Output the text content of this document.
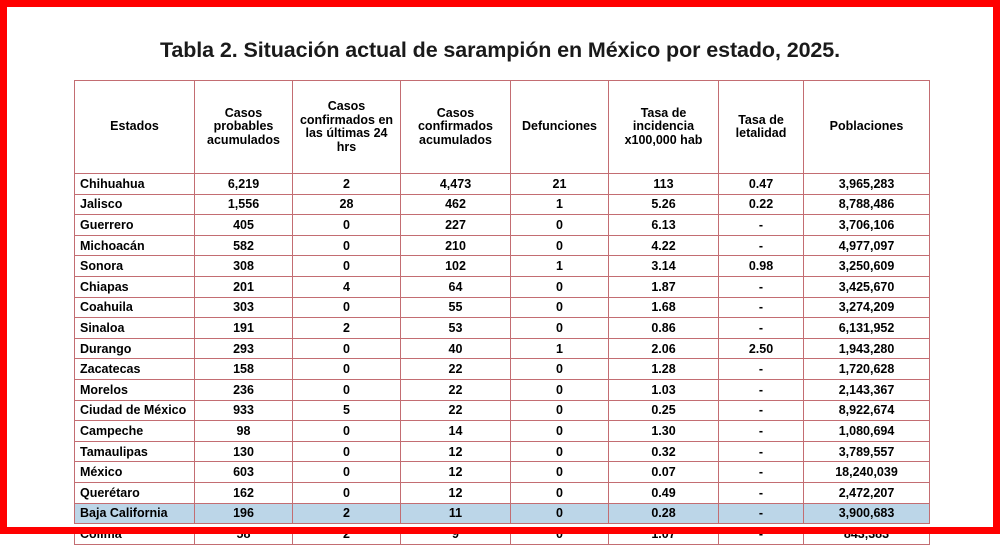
Tabla 2. Situación actual de sarampión en México por estado, 2025.
Estados	Casos probables acumulados	Casos confirmados en las últimas 24 hrs	Casos confirmados acumulados	Defunciones	Tasa de incidencia x100,000 hab	Tasa de letalidad	Poblaciones
Chihuahua	6,219	2	4,473	21	113	0.47	3,965,283
Jalisco	1,556	28	462	1	5.26	0.22	8,788,486
Guerrero	405	0	227	0	6.13	-	3,706,106
Michoacán	582	0	210	0	4.22	-	4,977,097
Sonora	308	0	102	1	3.14	0.98	3,250,609
Chiapas	201	4	64	0	1.87	-	3,425,670
Coahuila	303	0	55	0	1.68	-	3,274,209
Sinaloa	191	2	53	0	0.86	-	6,131,952
Durango	293	0	40	1	2.06	2.50	1,943,280
Zacatecas	158	0	22	0	1.28	-	1,720,628
Morelos	236	0	22	0	1.03	-	2,143,367
Ciudad de México	933	5	22	0	0.25	-	8,922,674
Campeche	98	0	14	0	1.30	-	1,080,694
Tamaulipas	130	0	12	0	0.32	-	3,789,557
México	603	0	12	0	0.07	-	18,240,039
Querétaro	162	0	12	0	0.49	-	2,472,207
Baja California	196	2	11	0	0.28	-	3,900,683
Colima	58	2	9	0	1.07	-	843,383
